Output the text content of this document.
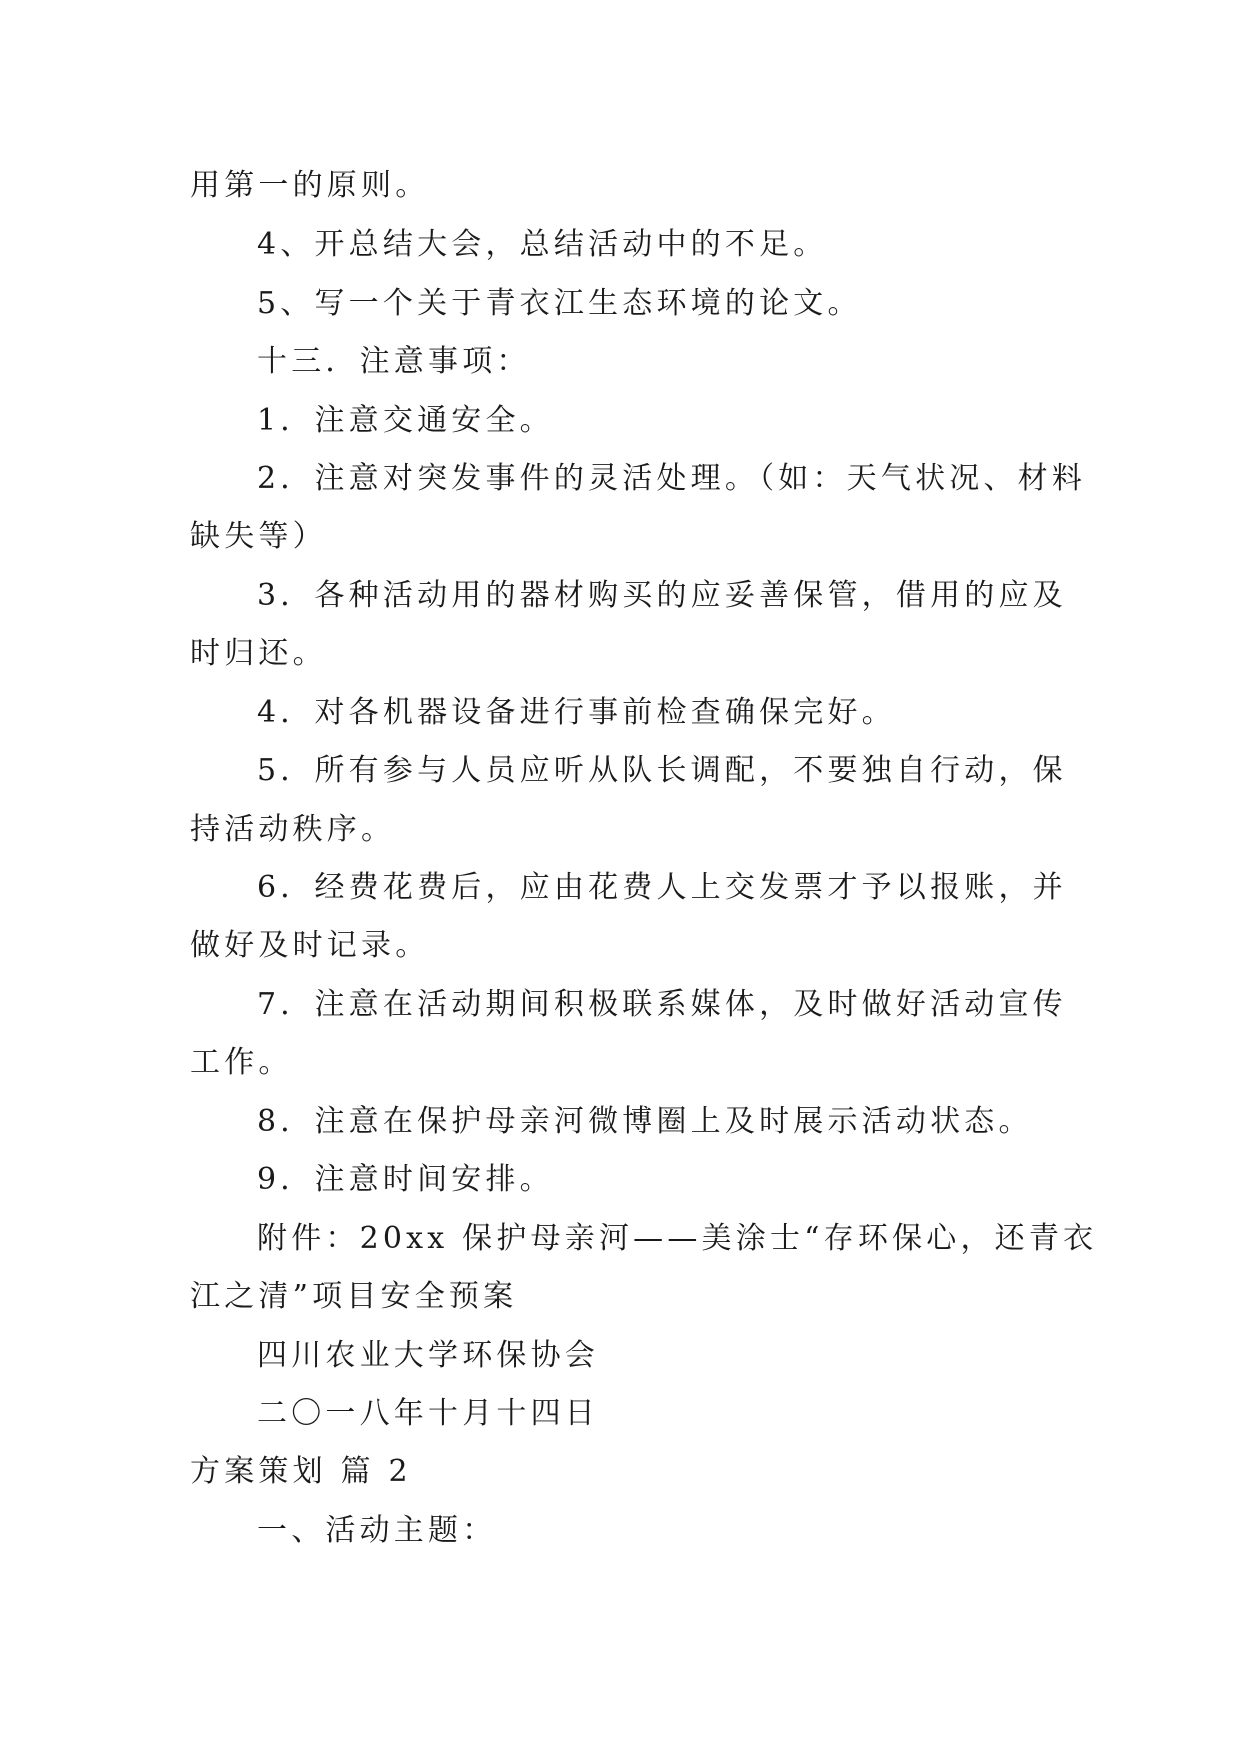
用第一的原则。
4、开总结大会，总结活动中的不足。
5、写一个关于青衣江生态环境的论文。
十三．注意事项：
1．注意交通安全。
2．注意对突发事件的灵活处理。（如：天气状况、材料
缺失等）
3．各种活动用的器材购买的应妥善保管，借用的应及
时归还。
4．对各机器设备进行事前检查确保完好。
5．所有参与人员应听从队长调配，不要独自行动，保
持活动秩序。
6．经费花费后，应由花费人上交发票才予以报账，并
做好及时记录。
7．注意在活动期间积极联系媒体，及时做好活动宣传
工作。
8．注意在保护母亲河微博圈上及时展示活动状态。
9．注意时间安排。
附件：20xx 保护母亲河——美涂士“存环保心，还青衣
江之清”项目安全预案
四川农业大学环保协会
二〇一八年十月十四日
方案策划 篇 2
一、活动主题：
